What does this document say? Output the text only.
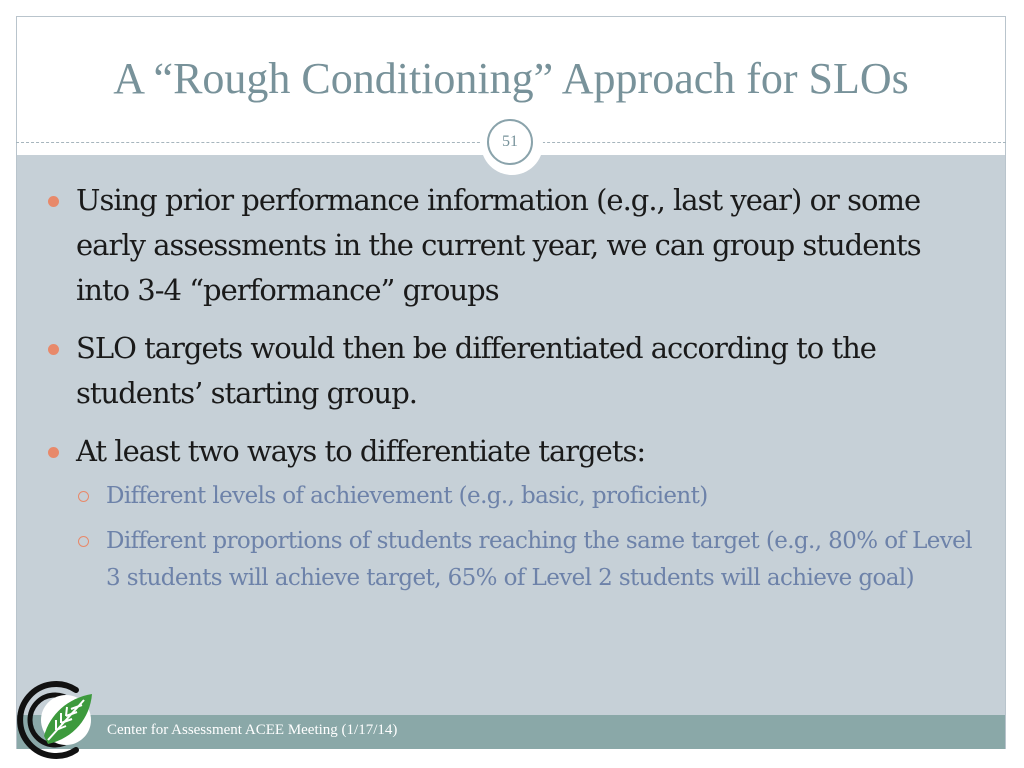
A “Rough Conditioning” Approach for SLOs
51
Using prior performance information (e.g., last year) or some early assessments in the current year, we can group students into 3-4 “performance” groups
SLO targets would then be differentiated according to the students’ starting group.
At least two ways to differentiate targets:
Different levels of achievement (e.g., basic, proficient)
Different proportions of students reaching the same target (e.g., 80% of Level 3 students will achieve target, 65% of Level 2 students will achieve goal)
Center for Assessment ACEE Meeting (1/17/14)
